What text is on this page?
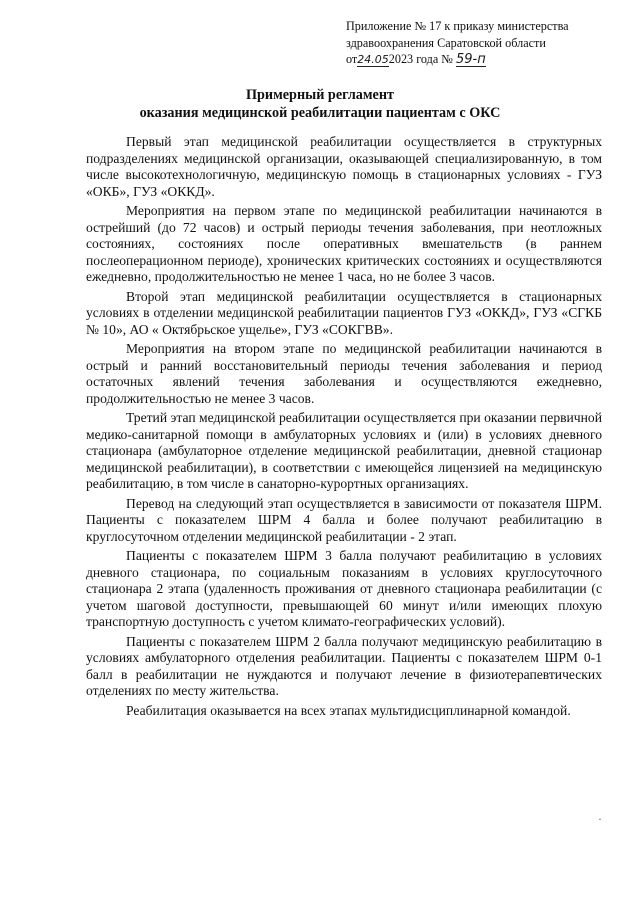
Приложение № 17 к приказу министерства
здравоохранения Саратовской области
от24.052023 года № 59-п
Примерный регламент
оказания медицинской реабилитации пациентам с ОКС

Первый этап медицинской реабилитации осуществляется в структурных подразделениях медицинской организации, оказывающей специализированную, в том числе высокотехнологичную, медицинскую помощь в стационарных условиях - ГУЗ «ОКБ», ГУЗ «ОККД».

Мероприятия на первом этапе по медицинской реабилитации начинаются в острейший (до 72 часов) и острый периоды течения заболевания, при неотложных состояниях, состояниях после оперативных вмешательств (в раннем послеоперационном периоде), хронических критических состояниях и осуществляются ежедневно, продолжительностью не менее 1 часа, но не более 3 часов.

Второй этап медицинской реабилитации осуществляется в стационарных условиях в отделении медицинской реабилитации пациентов ГУЗ «ОККД», ГУЗ «СГКБ № 10», АО « Октябрьское ущелье», ГУЗ «СОКГВВ».

Мероприятия на втором этапе по медицинской реабилитации начинаются в острый и ранний восстановительный периоды течения заболевания и период остаточных явлений течения заболевания и осуществляются ежедневно, продолжительностью не менее 3 часов.

Третий этап медицинской реабилитации осуществляется при оказании первичной медико-санитарной помощи в амбулаторных условиях и (или) в условиях дневного стационара (амбулаторное отделение медицинской реабилитации, дневной стационар медицинской реабилитации), в соответствии с имеющейся лицензией на медицинскую реабилитацию, в том числе в санаторно-курортных организациях.

Перевод на следующий этап осуществляется в зависимости от показателя ШРМ. Пациенты с показателем ШРМ 4 балла и более получают реабилитацию в круглосуточном отделении медицинской реабилитации - 2 этап.

Пациенты с показателем ШРМ 3 балла получают реабилитацию в условиях дневного стационара, по социальным показаниям в условиях круглосуточного стационара 2 этапа (удаленность проживания от дневного стационара реабилитации (с учетом шаговой доступности, превышающей 60 минут и/или имеющих плохую транспортную доступность с учетом климато-географических условий).

Пациенты с показателем ШРМ 2 балла получают медицинскую реабилитацию в условиях амбулаторного отделения реабилитации. Пациенты с показателем ШРМ 0-1 балл в реабилитации не нуждаются и получают лечение в физиотерапевтических отделениях по месту жительства.

Реабилитация оказывается на всех этапах мультидисциплинарной командой.

·
